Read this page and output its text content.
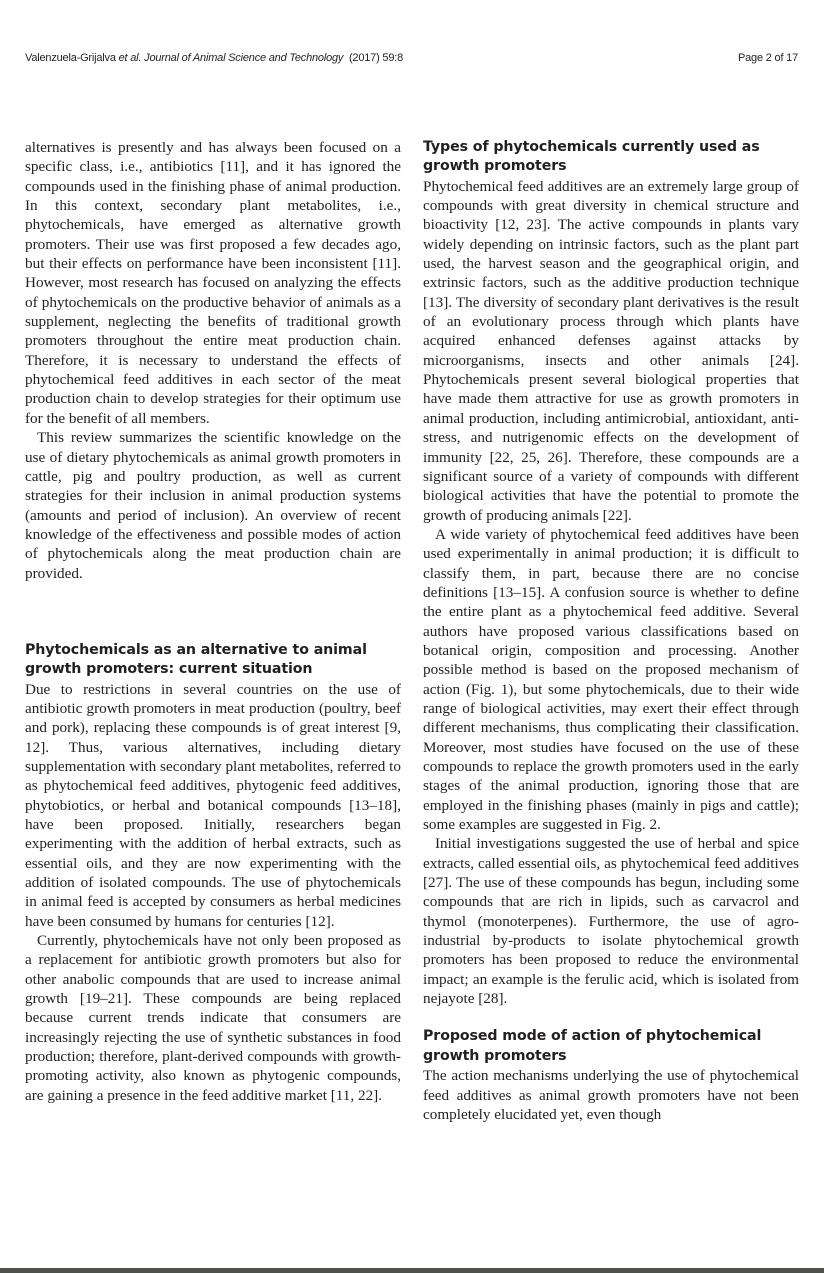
Valenzuela-Grijalva et al. Journal of Animal Science and Technology (2017) 59:8	Page 2 of 17

alternatives is presently and has always been focused on a specific class, i.e., antibiotics [11], and it has ignored the compounds used in the finishing phase of animal production. In this context, secondary plant metabolites, i.e., phytochemicals, have emerged as alternative growth promoters. Their use was first proposed a few decades ago, but their effects on performance have been inconsistent [11]. However, most research has focused on analyzing the effects of phytochemicals on the productive behavior of animals as a supplement, neglecting the benefits of traditional growth promoters throughout the entire meat production chain. Therefore, it is necessary to understand the effects of phytochemical feed additives in each sector of the meat production chain to develop strategies for their optimum use for the benefit of all members.

This review summarizes the scientific knowledge on the use of dietary phytochemicals as animal growth promoters in cattle, pig and poultry production, as well as current strategies for their inclusion in animal production systems (amounts and period of inclusion). An overview of recent knowledge of the effectiveness and possible modes of action of phytochemicals along the meat production chain are provided.

Phytochemicals as an alternative to animal growth promoters: current situation

Due to restrictions in several countries on the use of antibiotic growth promoters in meat production (poultry, beef and pork), replacing these compounds is of great interest [9, 12]. Thus, various alternatives, including dietary supplementation with secondary plant metabolites, referred to as phytochemical feed additives, phytogenic feed additives, phytobiotics, or herbal and botanical compounds [13–18], have been proposed. Initially, researchers began experimenting with the addition of herbal extracts, such as essential oils, and they are now experimenting with the addition of isolated compounds. The use of phytochemicals in animal feed is accepted by consumers as herbal medicines have been consumed by humans for centuries [12].

Currently, phytochemicals have not only been proposed as a replacement for antibiotic growth promoters but also for other anabolic compounds that are used to increase animal growth [19–21]. These compounds are being replaced because current trends indicate that consumers are increasingly rejecting the use of synthetic substances in food production; therefore, plant-derived compounds with growth-promoting activity, also known as phytogenic compounds, are gaining a presence in the feed additive market [11, 22].

Types of phytochemicals currently used as growth promoters

Phytochemical feed additives are an extremely large group of compounds with great diversity in chemical structure and bioactivity [12, 23]. The active compounds in plants vary widely depending on intrinsic factors, such as the plant part used, the harvest season and the geographical origin, and extrinsic factors, such as the additive production technique [13]. The diversity of secondary plant derivatives is the result of an evolutionary process through which plants have acquired enhanced defenses against attacks by microorganisms, insects and other animals [24]. Phytochemicals present several biological properties that have made them attractive for use as growth promoters in animal production, including antimicrobial, antioxidant, anti-stress, and nutrigenomic effects on the development of immunity [22, 25, 26]. Therefore, these compounds are a significant source of a variety of compounds with different biological activities that have the potential to promote the growth of producing animals [22].

A wide variety of phytochemical feed additives have been used experimentally in animal production; it is difficult to classify them, in part, because there are no concise definitions [13–15]. A confusion source is whether to define the entire plant as a phytochemical feed additive. Several authors have proposed various classifications based on botanical origin, composition and processing. Another possible method is based on the proposed mechanism of action (Fig. 1), but some phytochemicals, due to their wide range of biological activities, may exert their effect through different mechanisms, thus complicating their classification. Moreover, most studies have focused on the use of these compounds to replace the growth promoters used in the early stages of the animal production, ignoring those that are employed in the finishing phases (mainly in pigs and cattle); some examples are suggested in Fig. 2.

Initial investigations suggested the use of herbal and spice extracts, called essential oils, as phytochemical feed additives [27]. The use of these compounds has begun, including some compounds that are rich in lipids, such as carvacrol and thymol (monoterpenes). Furthermore, the use of agro-industrial by-products to isolate phytochemical growth promoters has been proposed to reduce the environmental impact; an example is the ferulic acid, which is isolated from nejayote [28].

Proposed mode of action of phytochemical growth promoters

The action mechanisms underlying the use of phytochemical feed additives as animal growth promoters have not been completely elucidated yet, even though
